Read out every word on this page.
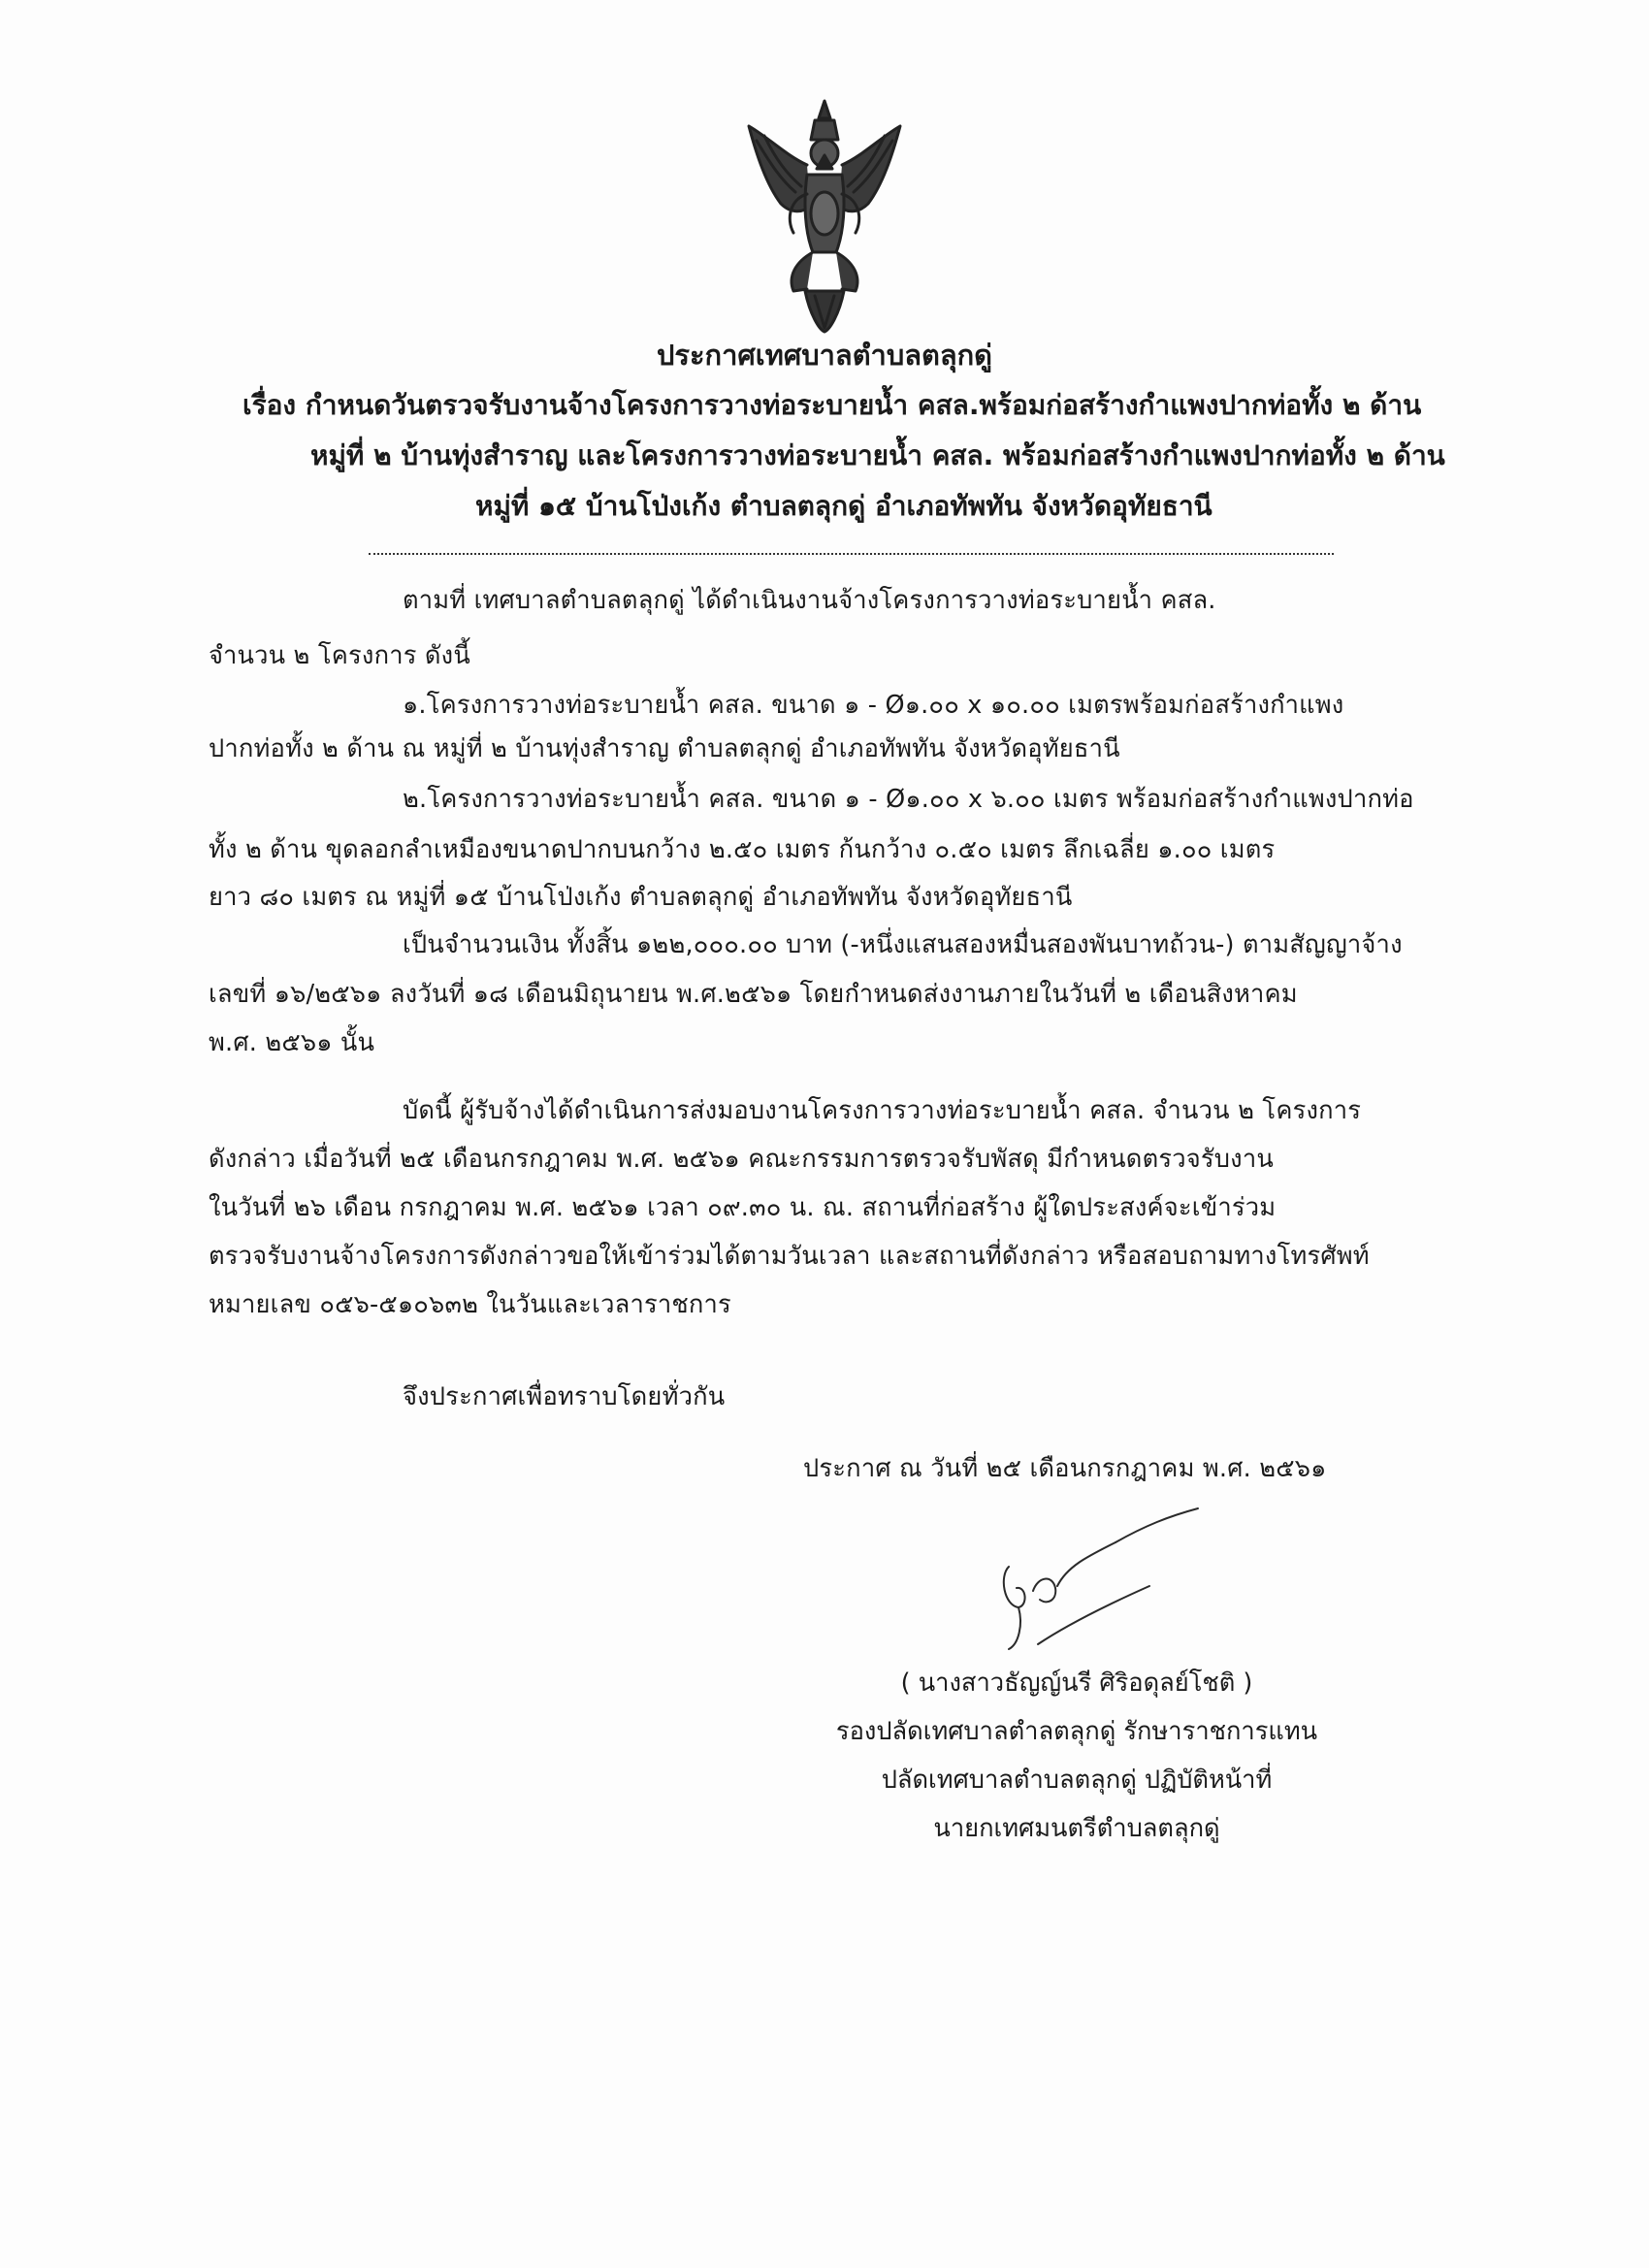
ประกาศเทศบาลตำบลตลุกดู่
เรื่อง กำหนดวันตรวจรับงานจ้างโครงการวางท่อระบายน้ำ คสล.พร้อมก่อสร้างกำแพงปากท่อทั้ง ๒ ด้าน
หมู่ที่ ๒ บ้านทุ่งสำราญ และโครงการวางท่อระบายน้ำ คสล. พร้อมก่อสร้างกำแพงปากท่อทั้ง ๒ ด้าน
หมู่ที่ ๑๕ บ้านโป่งเก้ง ตำบลตลุกดู่ อำเภอทัพทัน จังหวัดอุทัยธานี
ตามที่ เทศบาลตำบลตลุกดู่ ได้ดำเนินงานจ้างโครงการวางท่อระบายน้ำ คสล.
จำนวน ๒ โครงการ ดังนี้
๑.โครงการวางท่อระบายน้ำ คสล. ขนาด ๑ - Ø๑.๐๐ x ๑๐.๐๐ เมตรพร้อมก่อสร้างกำแพง
ปากท่อทั้ง ๒ ด้าน ณ หมู่ที่ ๒ บ้านทุ่งสำราญ ตำบลตลุกดู่ อำเภอทัพทัน จังหวัดอุทัยธานี
๒.โครงการวางท่อระบายน้ำ คสล. ขนาด ๑ - Ø๑.๐๐ x ๖.๐๐ เมตร พร้อมก่อสร้างกำแพงปากท่อ
ทั้ง ๒ ด้าน ขุดลอกลำเหมืองขนาดปากบนกว้าง ๒.๕๐ เมตร ก้นกว้าง ๐.๕๐ เมตร ลึกเฉลี่ย ๑.๐๐ เมตร
ยาว ๘๐ เมตร ณ หมู่ที่ ๑๕ บ้านโป่งเก้ง ตำบลตลุกดู่ อำเภอทัพทัน จังหวัดอุทัยธานี
เป็นจำนวนเงิน ทั้งสิ้น ๑๒๒,๐๐๐.๐๐ บาท (-หนึ่งแสนสองหมื่นสองพันบาทถ้วน-) ตามสัญญาจ้าง
เลขที่ ๑๖/๒๕๖๑ ลงวันที่ ๑๘ เดือนมิถุนายน พ.ศ.๒๕๖๑ โดยกำหนดส่งงานภายในวันที่ ๒ เดือนสิงหาคม
พ.ศ. ๒๕๖๑ นั้น
บัดนี้ ผู้รับจ้างได้ดำเนินการส่งมอบงานโครงการวางท่อระบายน้ำ คสล. จำนวน ๒ โครงการ
ดังกล่าว เมื่อวันที่ ๒๕ เดือนกรกฎาคม พ.ศ. ๒๕๖๑ คณะกรรมการตรวจรับพัสดุ มีกำหนดตรวจรับงาน
ในวันที่ ๒๖ เดือน กรกฎาคม พ.ศ. ๒๕๖๑ เวลา ๐๙.๓๐ น. ณ. สถานที่ก่อสร้าง ผู้ใดประสงค์จะเข้าร่วม
ตรวจรับงานจ้างโครงการดังกล่าวขอให้เข้าร่วมได้ตามวันเวลา และสถานที่ดังกล่าว หรือสอบถามทางโทรศัพท์
หมายเลข ๐๕๖-๕๑๐๖๓๒ ในวันและเวลาราชการ
จึงประกาศเพื่อทราบโดยทั่วกัน
ประกาศ ณ วันที่ ๒๕ เดือนกรกฎาคม พ.ศ. ๒๕๖๑
( นางสาวธัญญ์นรี ศิริอดุลย์โชติ )
รองปลัดเทศบาลตำลตลุกดู่ รักษาราชการแทน
ปลัดเทศบาลตำบลตลุกดู่ ปฏิบัติหน้าที่
นายกเทศมนตรีตำบลตลุกดู่
